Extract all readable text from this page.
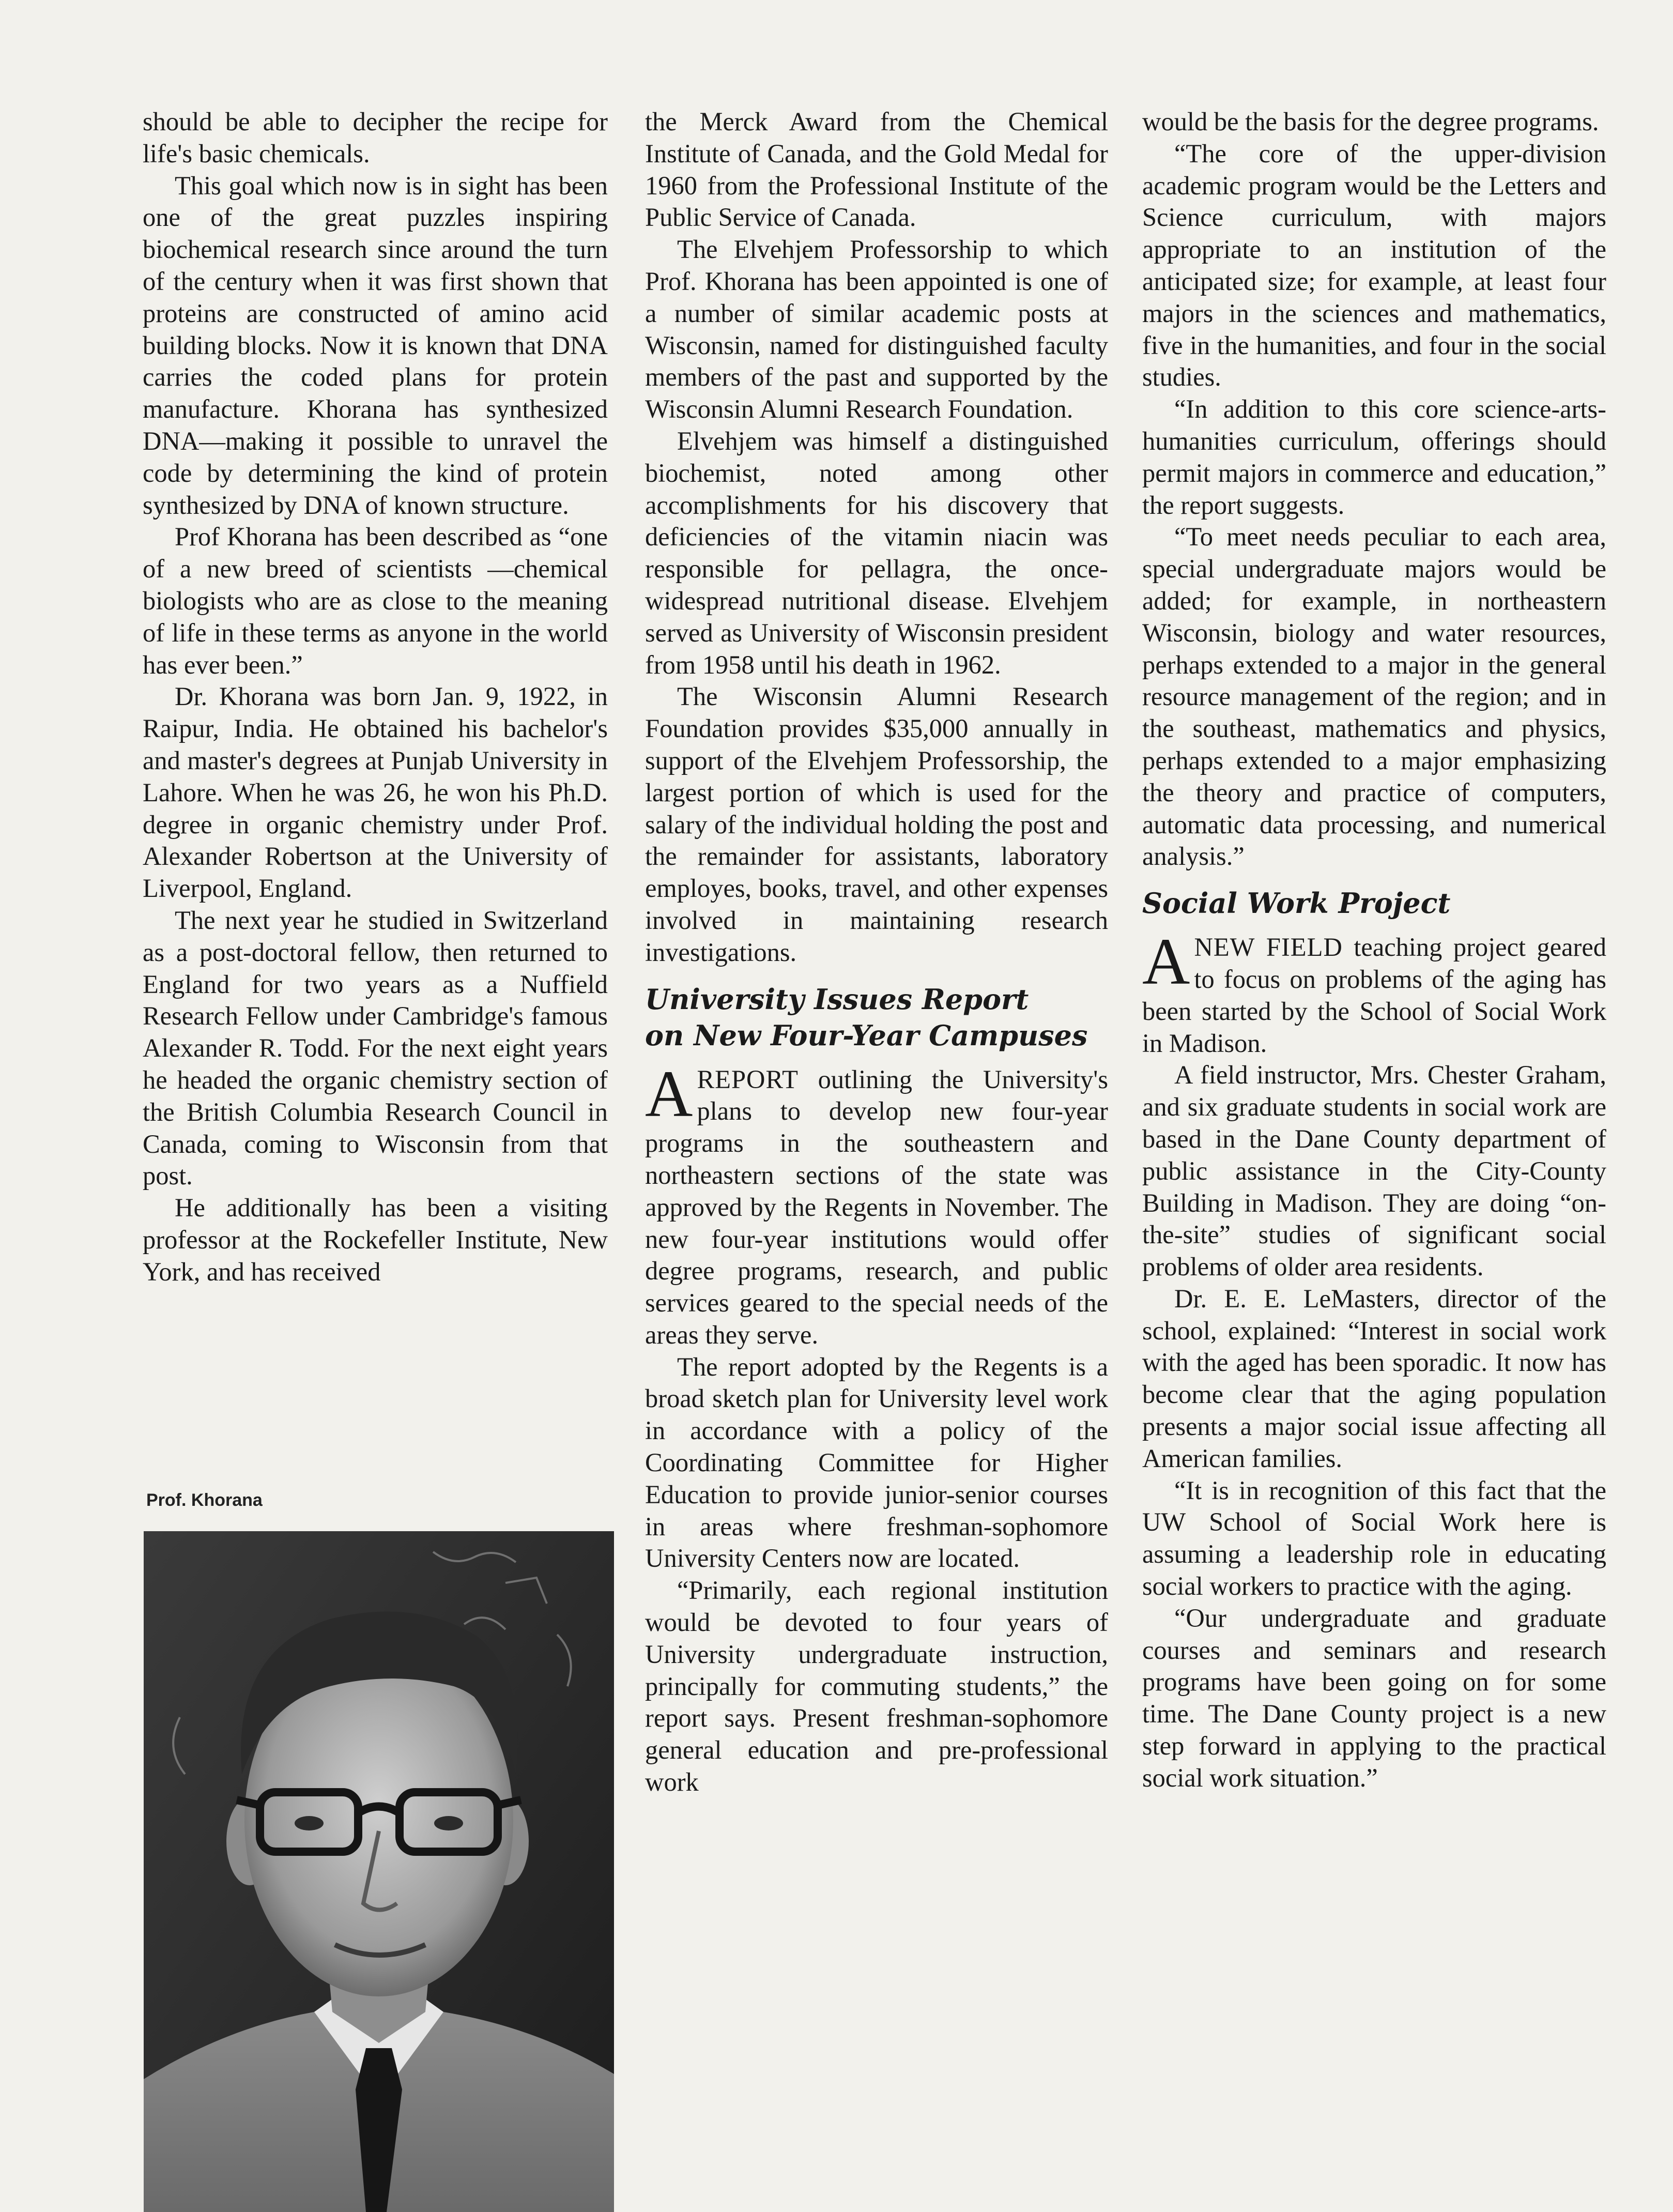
should be able to decipher the recipe for life's basic chemicals.

This goal which now is in sight has been one of the great puzzles inspiring biochemical research since around the turn of the century when it was first shown that proteins are constructed of amino acid building blocks. Now it is known that DNA carries the coded plans for protein manufacture. Khorana has synthesized DNA—making it possible to unravel the code by determining the kind of protein synthesized by DNA of known structure.

Prof Khorana has been described as “one of a new breed of scientists —chemical biologists who are as close to the meaning of life in these terms as anyone in the world has ever been.”

Dr. Khorana was born Jan. 9, 1922, in Raipur, India. He obtained his bachelor's and master's degrees at Punjab University in Lahore. When he was 26, he won his Ph.D. degree in organic chemistry under Prof. Alexander Robertson at the University of Liverpool, England.

The next year he studied in Switzerland as a post-doctoral fellow, then returned to England for two years as a Nuffield Research Fellow under Cambridge's famous Alexander R. Todd. For the next eight years he headed the organic chemistry section of the British Columbia Research Council in Canada, coming to Wisconsin from that post.

He additionally has been a visiting professor at the Rockefeller Institute, New York, and has received

Prof. Khorana

the Merck Award from the Chemical Institute of Canada, and the Gold Medal for 1960 from the Professional Institute of the Public Service of Canada.

The Elvehjem Professorship to which Prof. Khorana has been appointed is one of a number of similar academic posts at Wisconsin, named for distinguished faculty members of the past and supported by the Wisconsin Alumni Research Foundation.

Elvehjem was himself a distinguished biochemist, noted among other accomplishments for his discovery that deficiencies of the vitamin niacin was responsible for pellagra, the once-widespread nutritional disease. Elvehjem served as University of Wisconsin president from 1958 until his death in 1962.

The Wisconsin Alumni Research Foundation provides $35,000 annually in support of the Elvehjem Professorship, the largest portion of which is used for the salary of the individual holding the post and the remainder for assistants, laboratory employes, books, travel, and other expenses involved in maintaining research investigations.

University Issues Report
on New Four-Year Campuses

AREPORT outlining the University's plans to develop new four-year programs in the southeastern and northeastern sections of the state was approved by the Regents in November. The new four-year institutions would offer degree programs, research, and public services geared to the special needs of the areas they serve.

The report adopted by the Regents is a broad sketch plan for University level work in accordance with a policy of the Coordinating Committee for Higher Education to provide junior-senior courses in areas where freshman-sophomore University Centers now are located.

“Primarily, each regional institution would be devoted to four years of University undergraduate instruction, principally for commuting students,” the report says. Present freshman-sophomore general education and pre-professional work

would be the basis for the degree programs.

“The core of the upper-division academic program would be the Letters and Science curriculum, with majors appropriate to an institution of the anticipated size; for example, at least four majors in the sciences and mathematics, five in the humanities, and four in the social studies.

“In addition to this core science-arts-humanities curriculum, offerings should permit majors in commerce and education,” the report suggests.

“To meet needs peculiar to each area, special undergraduate majors would be added; for example, in northeastern Wisconsin, biology and water resources, perhaps extended to a major in the general resource management of the region; and in the southeast, mathematics and physics, perhaps extended to a major emphasizing the theory and practice of computers, automatic data processing, and numerical analysis.”

Social Work Project

ANEW FIELD teaching project geared to focus on problems of the aging has been started by the School of Social Work in Madison.

A field instructor, Mrs. Chester Graham, and six graduate students in social work are based in the Dane County department of public assistance in the City-County Building in Madison. They are doing “on-the-site” studies of significant social problems of older area residents.

Dr. E. E. LeMasters, director of the school, explained: “Interest in social work with the aged has been sporadic. It now has become clear that the aging population presents a major social issue affecting all American families.

“It is in recognition of this fact that the UW School of Social Work here is assuming a leadership role in educating social workers to practice with the aging.

“Our undergraduate and graduate courses and seminars and research programs have been going on for some time. The Dane County project is a new step forward in applying to the practical social work situation.”
